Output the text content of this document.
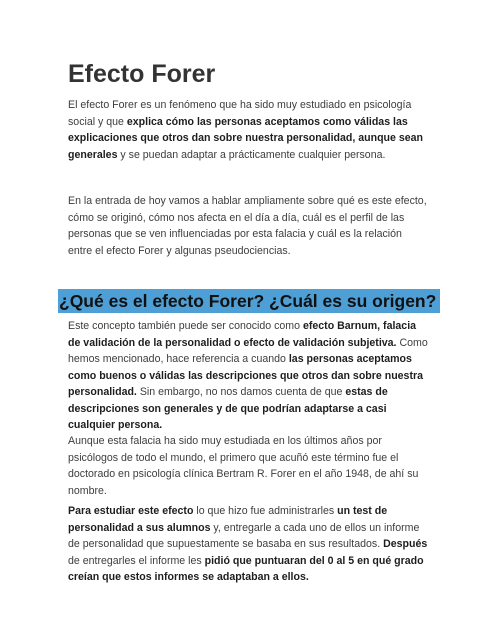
Efecto Forer

El efecto Forer es un fenómeno que ha sido muy estudiado en psicología social y que explica cómo las personas aceptamos como válidas las explicaciones que otros dan sobre nuestra personalidad, aunque sean generales y se puedan adaptar a prácticamente cualquier persona.

En la entrada de hoy vamos a hablar ampliamente sobre qué es este efecto, cómo se originó, cómo nos afecta en el día a día, cuál es el perfil de las personas que se ven influenciadas por esta falacia y cuál es la relación entre el efecto Forer y algunas pseudociencias.

¿Qué es el efecto Forer? ¿Cuál es su origen?

Este concepto también puede ser conocido como efecto Barnum, falacia de validación de la personalidad o efecto de validación subjetiva. Como hemos mencionado, hace referencia a cuando las personas aceptamos como buenos o válidas las descripciones que otros dan sobre nuestra personalidad. Sin embargo, no nos damos cuenta de que estas de descripciones son generales y de que podrían adaptarse a casi cualquier persona.

Aunque esta falacia ha sido muy estudiada en los últimos años por psicólogos de todo el mundo, el primero que acuñó este término fue el doctorado en psicología clínica Bertram R. Forer en el año 1948, de ahí su nombre.

Para estudiar este efecto lo que hizo fue administrarles un test de personalidad a sus alumnos y, entregarle a cada uno de ellos un informe de personalidad que supuestamente se basaba en sus resultados. Después de entregarles el informe les pidió que puntuaran del 0 al 5 en qué grado creían que estos informes se adaptaban a ellos.
